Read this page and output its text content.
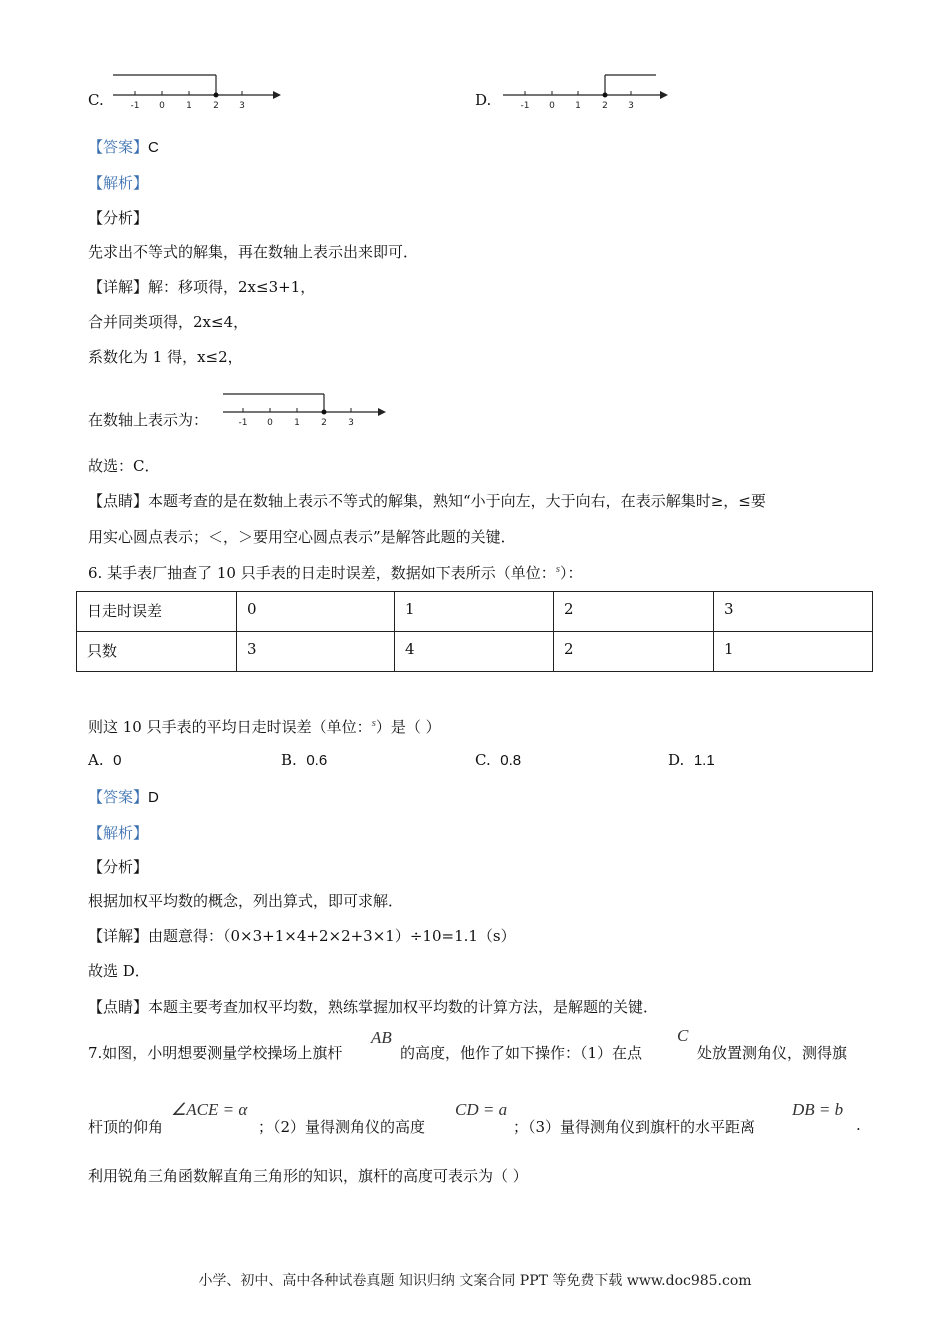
C.	-1 0 1 2 3	D.	-1 0 1 2 3
【答案】C
【解析】
【分析】
先求出不等式的解集，再在数轴上表示出来即可．
【详解】解：移项得，2x≤3+1，
合并同类项得，2x≤4，
系数化为 1 得，x≤2，
在数轴上表示为：	-1 0 1 2 3
故选：C．
【点睛】本题考查的是在数轴上表示不等式的解集，熟知“小于向左，大于向右，在表示解集时≥，≤要
用实心圆点表示；＜，＞要用空心圆点表示”是解答此题的关键．
6. 某手表厂抽查了 10 只手表的日走时误差，数据如下表所示（单位：$^s$）：
日走时误差	0	1	2	3
只数	3	4	2	1
则这 10 只手表的平均日走时误差（单位：$^s$）是（ ）
A. 0	B. 0.6	C. 0.8	D. 1.1
【答案】D
【解析】
【分析】
根据加权平均数的概念，列出算式，即可求解．
【详解】由题意得：（0×3+1×4+2×2+3×1）÷10=1.1（s）
故选 D．
【点睛】本题主要考查加权平均数，熟练掌握加权平均数的计算方法，是解题的关键．
7.如图，小明想要测量学校操场上旗杆
AB
的高度，他作了如下操作：（1）在点
C
处放置测角仪，测得旗
杆顶的仰角
∠ACE = α
；（2）量得测角仪的高度
CD = a
；（3）量得测角仪到旗杆的水平距离
DB = b
.
利用锐角三角函数解直角三角形的知识，旗杆的高度可表示为（ ）
小学、初中、高中各种试卷真题 知识归纳 文案合同 PPT 等免费下载 www.doc985.com
